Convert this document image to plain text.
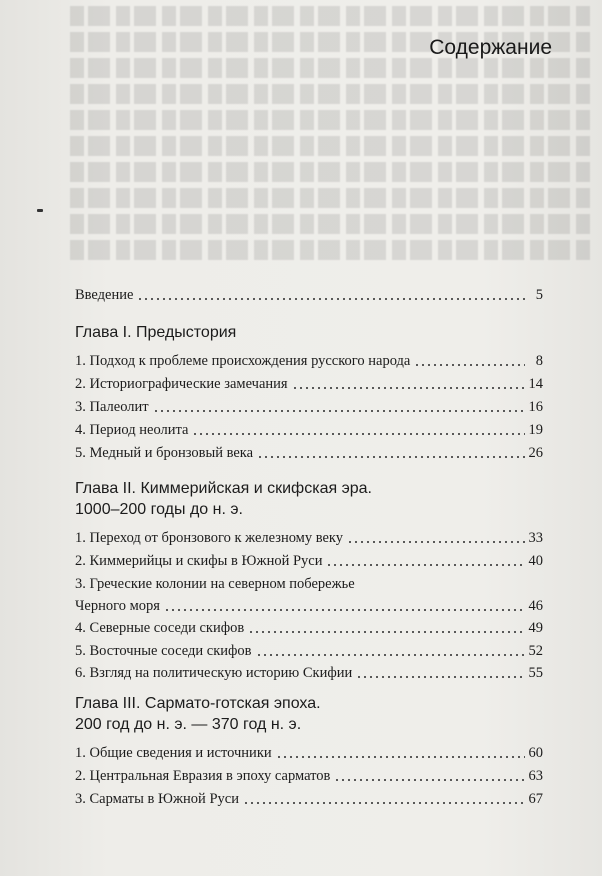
Содержание
Введение	5
Глава I. Предыстория
1. Подход к проблеме происхождения русского народа	8
2. Историографические замечания	14
3. Палеолит	16
4. Период неолита	19
5. Медный и бронзовый века	26
Глава II. Киммерийская и скифская эра.
1000–200 годы до н. э.
1. Переход от бронзового к железному веку	33
2. Киммерийцы и скифы в Южной Руси	40
3. Греческие колонии на северном побережье
Черного моря	46
4. Северные соседи скифов	49
5. Восточные соседи скифов	52
6. Взгляд на политическую историю Скифии	55
Глава III. Сармато-готская эпоха.
200 год до н. э. — 370 год н. э.
1. Общие сведения и источники	60
2. Центральная Евразия в эпоху сарматов	63
3. Сарматы в Южной Руси	67
